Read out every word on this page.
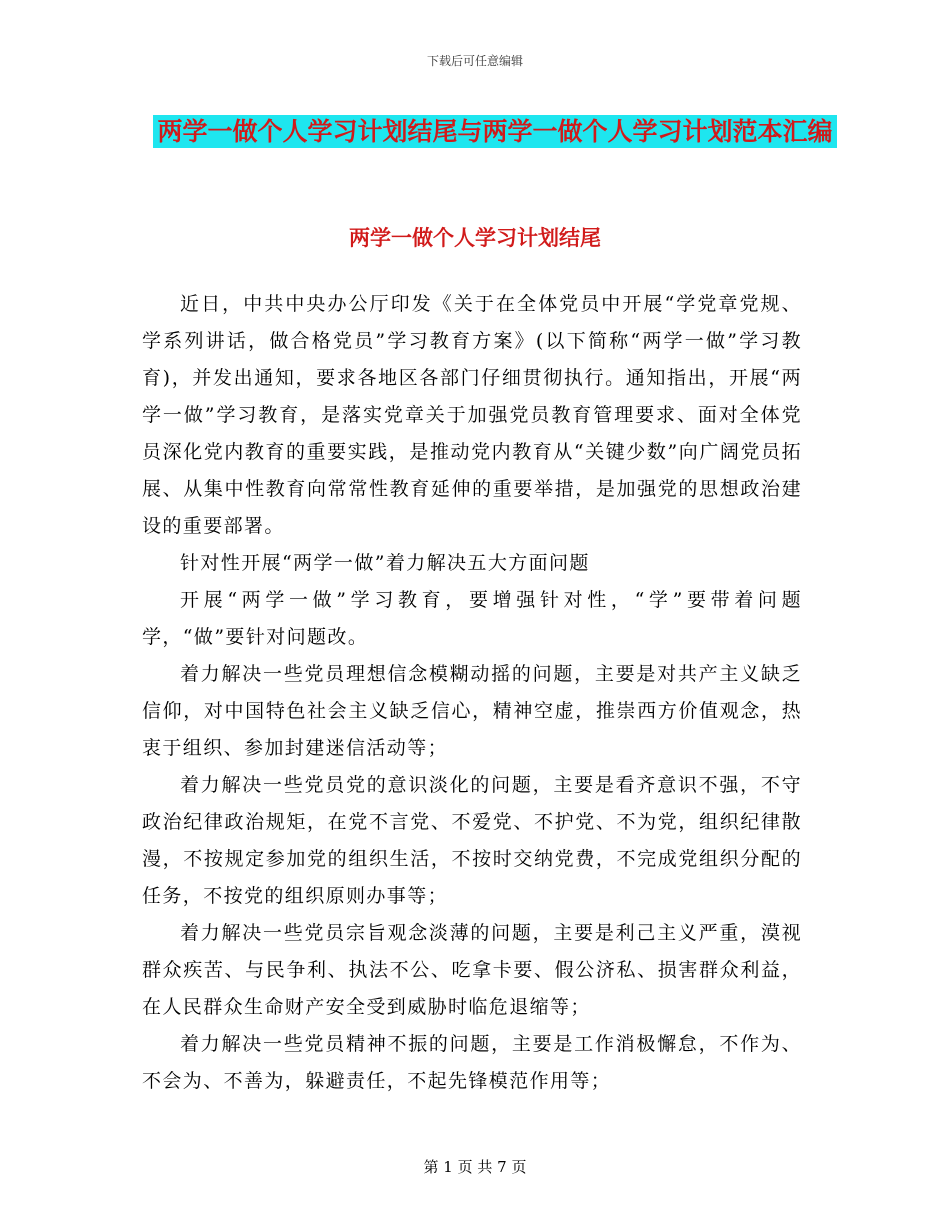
下载后可任意编辑
两学一做个人学习计划结尾与两学一做个人学习计划范本汇编
两学一做个人学习计划结尾

近日，中共中央办公厅印发《关于在全体党员中开展“学党章党规、学系列讲话，做合格党员”学习教育方案》(以下简称“两学一做”学习教育)，并发出通知，要求各地区各部门仔细贯彻执行。通知指出，开展“两学一做”学习教育，是落实党章关于加强党员教育管理要求、面对全体党员深化党内教育的重要实践，是推动党内教育从“关键少数”向广阔党员拓展、从集中性教育向常常性教育延伸的重要举措，是加强党的思想政治建设的重要部署。

针对性开展“两学一做”着力解决五大方面问题

开展“两学一做”学习教育，要增强针对性，“学”要带着问题学，“做”要针对问题改。

着力解决一些党员理想信念模糊动摇的问题，主要是对共产主义缺乏信仰，对中国特色社会主义缺乏信心，精神空虚，推崇西方价值观念，热衷于组织、参加封建迷信活动等；

着力解决一些党员党的意识淡化的问题，主要是看齐意识不强，不守政治纪律政治规矩，在党不言党、不爱党、不护党、不为党，组织纪律散漫，不按规定参加党的组织生活，不按时交纳党费，不完成党组织分配的任务，不按党的组织原则办事等；

着力解决一些党员宗旨观念淡薄的问题，主要是利己主义严重，漠视群众疾苦、与民争利、执法不公、吃拿卡要、假公济私、损害群众利益，在人民群众生命财产安全受到威胁时临危退缩等；

着力解决一些党员精神不振的问题，主要是工作消极懈怠，不作为、不会为、不善为，躲避责任，不起先锋模范作用等；

第 1 页 共 7 页
